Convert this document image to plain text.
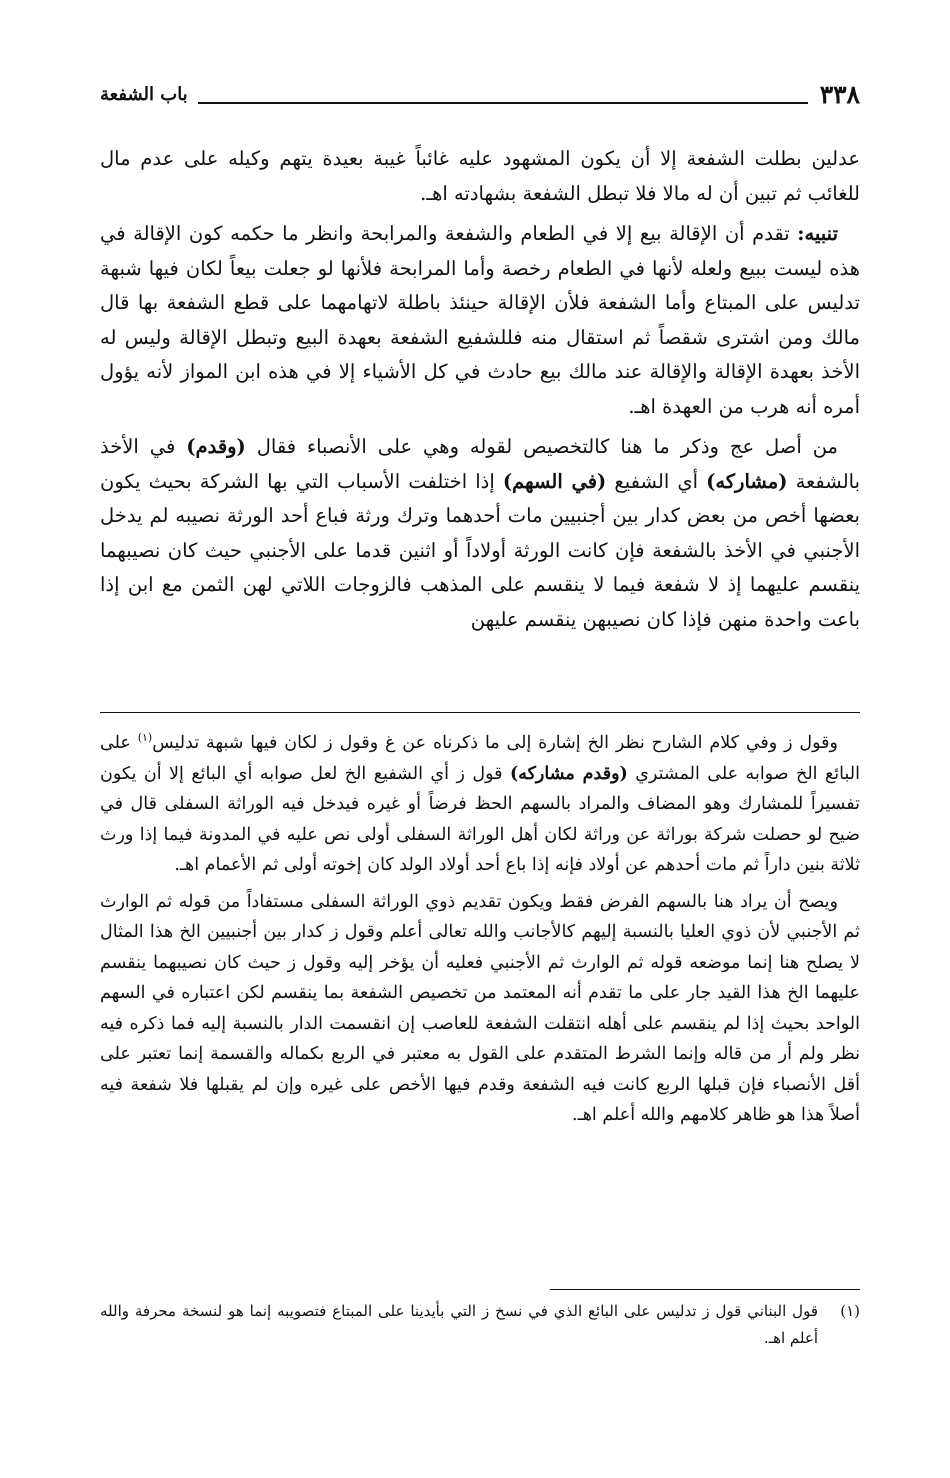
٣٣٨
باب الشفعة

عدلين بطلت الشفعة إلا أن يكون المشهود عليه غائباً غيبة بعيدة يتهم وكيله على عدم مال للغائب ثم تبين أن له مالا فلا تبطل الشفعة بشهادته اهـ.

تنبيه: تقدم أن الإقالة بيع إلا في الطعام والشفعة والمرابحة وانظر ما حكمه كون الإقالة في هذه ليست ببيع ولعله لأنها في الطعام رخصة وأما المرابحة فلأنها لو جعلت بيعاً لكان فيها شبهة تدليس على المبتاع وأما الشفعة فلأن الإقالة حينئذ باطلة لاتهامهما على قطع الشفعة بها قال مالك ومن اشترى شقصاً ثم استقال منه فللشفيع الشفعة بعهدة البيع وتبطل الإقالة وليس له الأخذ بعهدة الإقالة والإقالة عند مالك بيع حادث في كل الأشياء إلا في هذه ابن المواز لأنه يؤول أمره أنه هرب من العهدة اهـ.

من أصل عج وذكر ما هنا كالتخصيص لقوله وهي على الأنصباء فقال (وقدم) في الأخذ بالشفعة (مشاركه) أي الشفيع (في السهم) إذا اختلفت الأسباب التي بها الشركة بحيث يكون بعضها أخص من بعض كدار بين أجنبيين مات أحدهما وترك ورثة فباع أحد الورثة نصيبه لم يدخل الأجنبي في الأخذ بالشفعة فإن كانت الورثة أولاداً أو اثنين قدما على الأجنبي حيث كان نصيبهما ينقسم عليهما إذ لا شفعة فيما لا ينقسم على المذهب فالزوجات اللاتي لهن الثمن مع ابن إذا باعت واحدة منهن فإذا كان نصيبهن ينقسم عليهن

وقول ز وفي كلام الشارح نظر الخ إشارة إلى ما ذكرناه عن غ وقول ز لكان فيها شبهة تدليس$^{(١)}$ على البائع الخ صوابه على المشتري (وقدم مشاركه) قول ز أي الشفيع الخ لعل صوابه أي البائع إلا أن يكون تفسيراً للمشارك وهو المضاف والمراد بالسهم الحظ فرضاً أو غيره فيدخل فيه الوراثة السفلى قال في ضيح لو حصلت شركة بوراثة عن وراثة لكان أهل الوراثة السفلى أولى نص عليه في المدونة فيما إذا ورث ثلاثة بنين داراً ثم مات أحدهم عن أولاد فإنه إذا باع أحد أولاد الولد كان إخوته أولى ثم الأعمام اهـ.

ويصح أن يراد هنا بالسهم الفرض فقط ويكون تقديم ذوي الوراثة السفلى مستفاداً من قوله ثم الوارث ثم الأجنبي لأن ذوي العليا بالنسبة إليهم كالأجانب والله تعالى أعلم وقول ز كدار بين أجنبيين الخ هذا المثال لا يصلح هنا إنما موضعه قوله ثم الوارث ثم الأجنبي فعليه أن يؤخر إليه وقول ز حيث كان نصيبهما ينقسم عليهما الخ هذا القيد جار على ما تقدم أنه المعتمد من تخصيص الشفعة بما ينقسم لكن اعتباره في السهم الواحد بحيث إذا لم ينقسم على أهله انتقلت الشفعة للعاصب إن انقسمت الدار بالنسبة إليه فما ذكره فيه نظر ولم أر من قاله وإنما الشرط المتقدم على القول به معتبر في الربع بكماله والقسمة إنما تعتبر على أقل الأنصباء فإن قبلها الربع كانت فيه الشفعة وقدم فيها الأخص على غيره وإن لم يقبلها فلا شفعة فيه أصلاً هذا هو ظاهر كلامهم والله أعلم اهـ.

(١)
قول البناني قول ز تدليس على البائع الذي في نسخ ز التي بأيدينا على المبتاع فتصويبه إنما هو لنسخة محرفة والله أعلم اهـ.
